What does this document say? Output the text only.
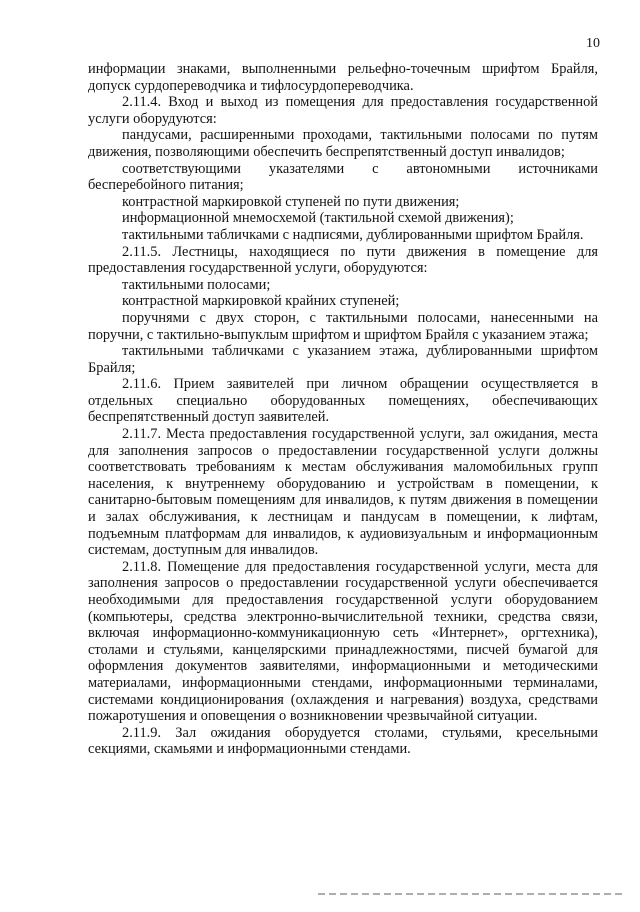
10

информации знаками, выполненными рельефно-точечным шрифтом Брайля, допуск сурдопереводчика и тифлосурдопереводчика.

2.11.4. Вход и выход из помещения для предоставления государственной услуги оборудуются:

пандусами, расширенными проходами, тактильными полосами по путям движения, позволяющими обеспечить беспрепятственный доступ инвалидов;

соответствующими указателями с автономными источниками бесперебойного питания;

контрастной маркировкой ступеней по пути движения;

информационной мнемосхемой (тактильной схемой движения);

тактильными табличками с надписями, дублированными шрифтом Брайля.

2.11.5. Лестницы, находящиеся по пути движения в помещение для предоставления государственной услуги, оборудуются:

тактильными полосами;

контрастной маркировкой крайних ступеней;

поручнями с двух сторон, с тактильными полосами, нанесенными на поручни, с тактильно-выпуклым шрифтом и шрифтом Брайля с указанием этажа;

тактильными табличками с указанием этажа, дублированными шрифтом Брайля;

2.11.6. Прием заявителей при личном обращении осуществляется в отдельных специально оборудованных помещениях, обеспечивающих беспрепятственный доступ заявителей.

2.11.7. Места предоставления государственной услуги, зал ожидания, места для заполнения запросов о предоставлении государственной услуги должны соответствовать требованиям к местам обслуживания маломобильных групп населения, к внутреннему оборудованию и устройствам в помещении, к санитарно-бытовым помещениям для инвалидов, к путям движения в помещении и залах обслуживания, к лестницам и пандусам в помещении, к лифтам, подъемным платформам для инвалидов, к аудиовизуальным и информационным системам, доступным для инвалидов.

2.11.8. Помещение для предоставления государственной услуги, места для заполнения запросов о предоставлении государственной услуги обеспечивается необходимыми для предоставления государственной услуги оборудованием (компьютеры, средства электронно-вычислительной техники, средства связи, включая информационно-коммуникационную сеть «Интернет», оргтехника), столами и стульями, канцелярскими принадлежностями, писчей бумагой для оформления документов заявителями, информационными и методическими материалами, информационными стендами, информационными терминалами, системами кондиционирования (охлаждения и нагревания) воздуха, средствами пожаротушения и оповещения о возникновении чрезвычайной ситуации.

2.11.9. Зал ожидания оборудуется столами, стульями, кресельными секциями, скамьями и информационными стендами.
